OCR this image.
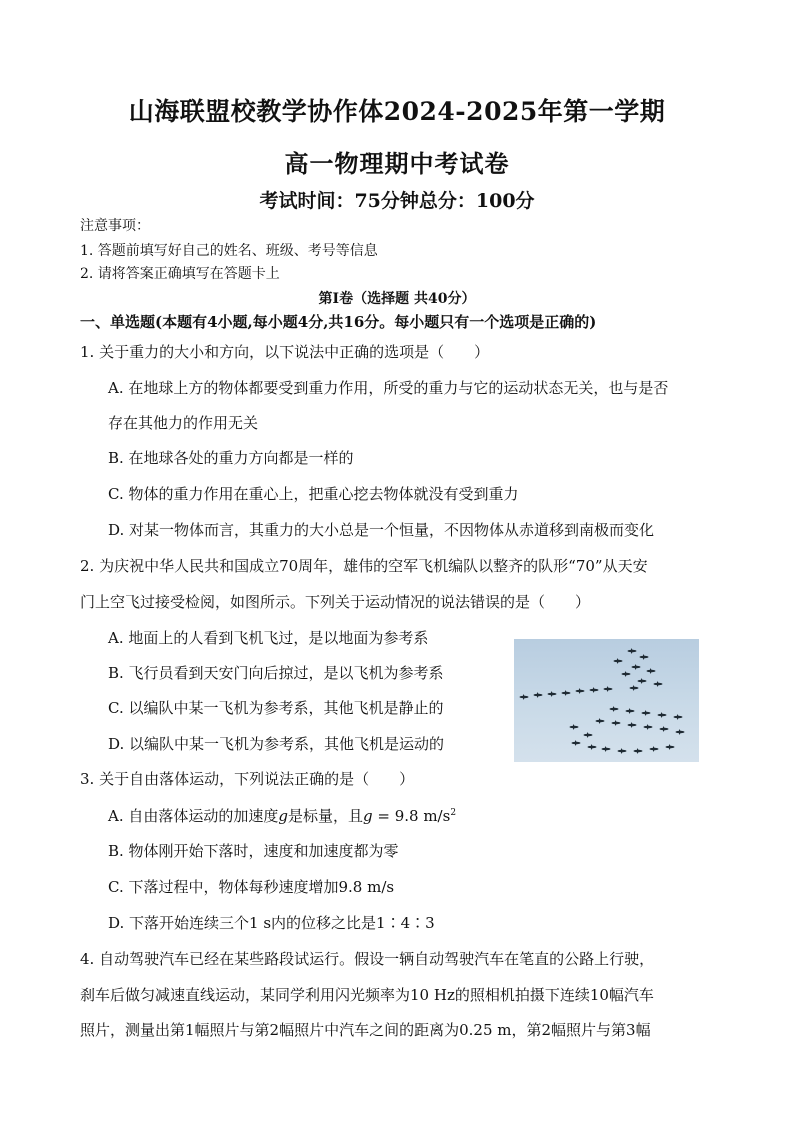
山海联盟校教学协作体2024-2025年第一学期
高一物理期中考试卷
考试时间：75分钟总分：100分
注意事项：
1. 答题前填写好自己的姓名、班级、考号等信息
2. 请将答案正确填写在答题卡上
第Ⅰ卷（选择题 共40分）
一、单选题(本题有4小题,每小题4分,共16分。每小题只有一个选项是正确的)
1. 关于重力的大小和方向，以下说法中正确的选项是（　　）
A. 在地球上方的物体都要受到重力作用，所受的重力与它的运动状态无关，也与是否
存在其他力的作用无关
B. 在地球各处的重力方向都是一样的
C. 物体的重力作用在重心上，把重心挖去物体就没有受到重力
D. 对某一物体而言，其重力的大小总是一个恒量，不因物体从赤道移到南极而变化
2. 为庆祝中华人民共和国成立70周年，雄伟的空军飞机编队以整齐的队形“70”从天安
门上空飞过接受检阅，如图所示。下列关于运动情况的说法错误的是（　　）
A. 地面上的人看到飞机飞过，是以地面为参考系
B. 飞行员看到天安门向后掠过，是以飞机为参考系
C. 以编队中某一飞机为参考系，其他飞机是静止的
D. 以编队中某一飞机为参考系，其他飞机是运动的
3. 关于自由落体运动，下列说法正确的是（　　）
A. 自由落体运动的加速度g是标量，且g = 9.8 $m/s^2$
B. 物体刚开始下落时，速度和加速度都为零
C. 下落过程中，物体每秒速度增加9.8 m/s
D. 下落开始连续三个1 s内的位移之比是1∶4∶3
4. 自动驾驶汽车已经在某些路段试运行。假设一辆自动驾驶汽车在笔直的公路上行驶，
刹车后做匀减速直线运动，某同学利用闪光频率为10 Hz的照相机拍摄下连续10幅汽车
照片，测量出第1幅照片与第2幅照片中汽车之间的距离为0.25 m，第2幅照片与第3幅
